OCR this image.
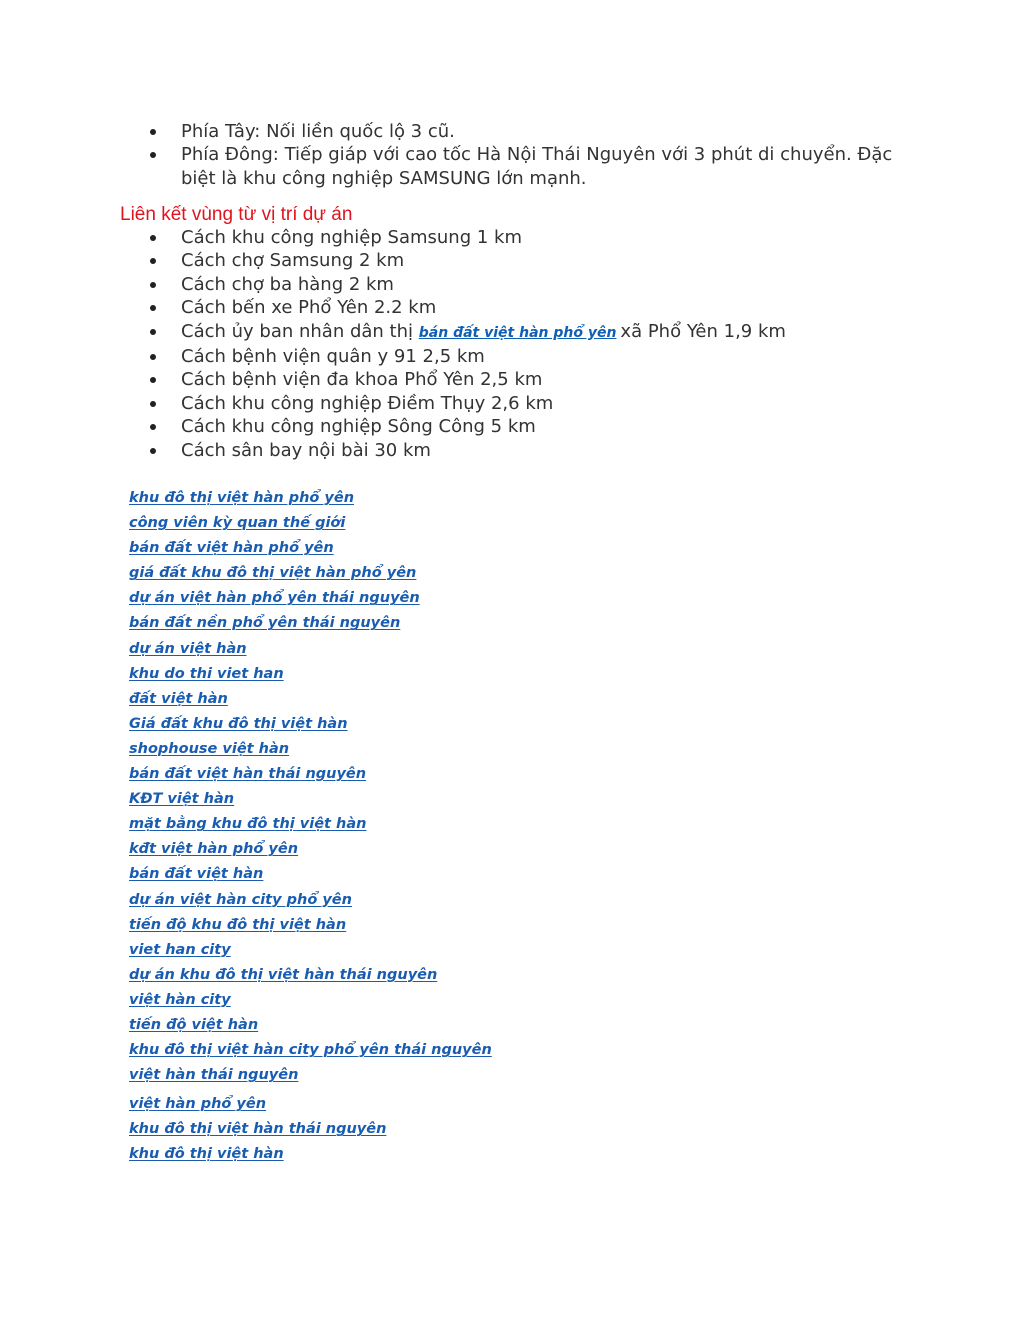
Phía Tây: Nối liền quốc lộ 3 cũ.
Phía Đông: Tiếp giáp với cao tốc Hà Nội Thái Nguyên với 3 phút di chuyển. Đặc biệt là khu công nghiệp SAMSUNG lớn mạnh.
Liên kết vùng từ vị trí dự án
Cách khu công nghiệp Samsung 1 km
Cách chợ Samsung 2 km
Cách chợ ba hàng 2 km
Cách bến xe Phổ Yên 2.2 km
Cách ủy ban nhân dân thị bán đất việt hàn phổ yên xã Phổ Yên 1,9 km
Cách bệnh viện quân y 91 2,5 km
Cách bệnh viện đa khoa Phổ Yên 2,5 km
Cách khu công nghiệp Điềm Thụy 2,6 km
Cách khu công nghiệp Sông Công 5 km
Cách sân bay nội bài 30 km
khu đô thị việt hàn phổ yên
công viên kỳ quan thế giới
bán đất việt hàn phổ yên
giá đất khu đô thị việt hàn phổ yên
dự án việt hàn phổ yên thái nguyên
bán đất nền phổ yên thái nguyên
dự án việt hàn
khu do thi viet han
đất việt hàn
Giá đất khu đô thị việt hàn
shophouse việt hàn
bán đất việt hàn thái nguyên
KĐT việt hàn
mặt bằng khu đô thị việt hàn
kđt việt hàn phổ yên
bán đất việt hàn
dự án việt hàn city phổ yên
tiến độ khu đô thị việt hàn
viet han city
dự án khu đô thị việt hàn thái nguyên
việt hàn city
tiến độ việt hàn
khu đô thị việt hàn city phổ yên thái nguyên
việt hàn thái nguyên
việt hàn phổ yên
khu đô thị việt hàn thái nguyên
khu đô thị việt hàn
